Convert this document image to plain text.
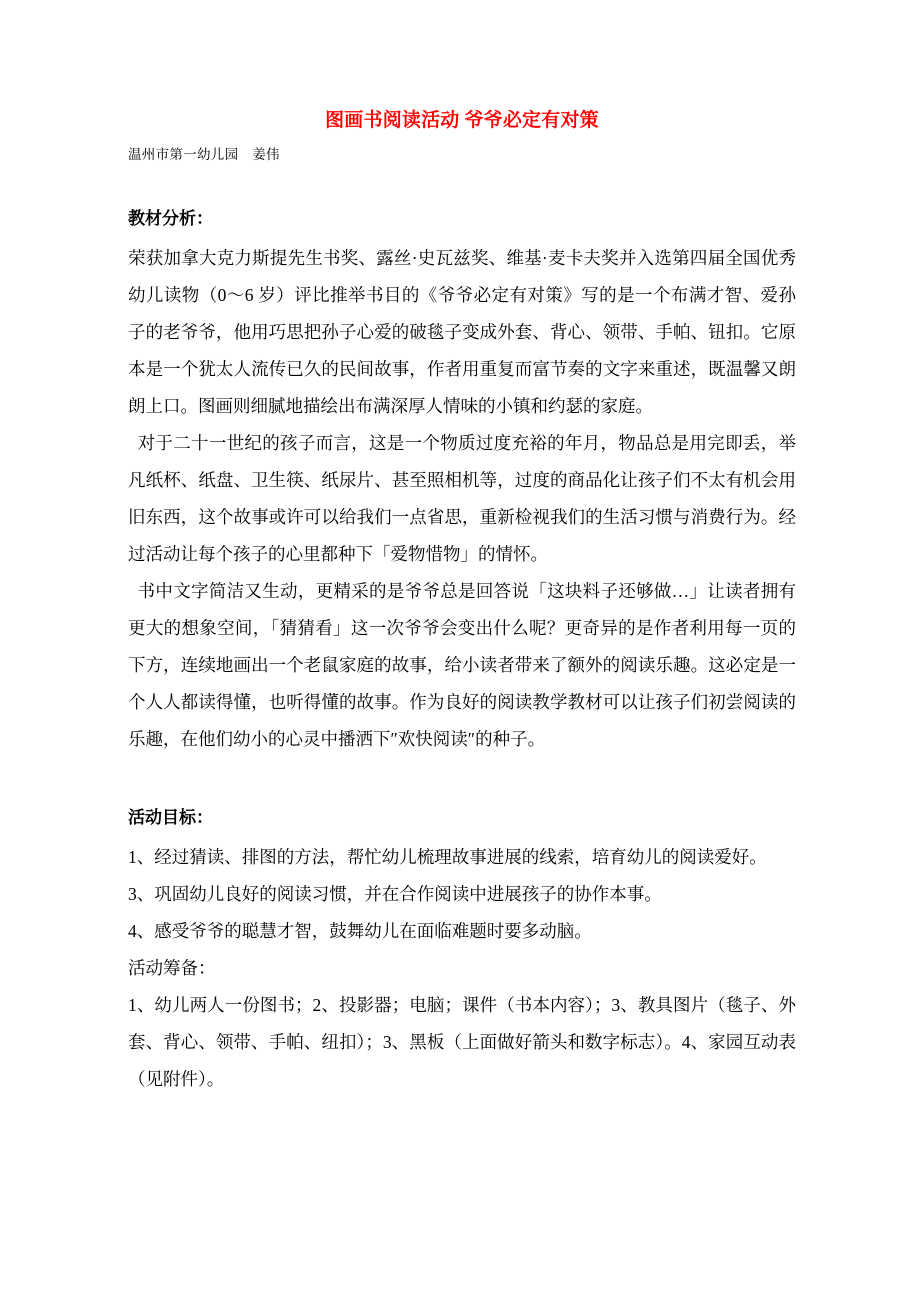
图画书阅读活动 爷爷必定有对策

温州市第一幼儿园　姜伟

教材分析：

荣获加拿大克力斯提先生书奖、露丝·史瓦兹奖、维基·麦卡夫奖并入选第四届全国优秀幼儿读物（0～6 岁）评比推举书目的《爷爷必定有对策》写的是一个布满才智、爱孙子的老爷爷，他用巧思把孙子心爱的破毯子变成外套、背心、领带、手帕、钮扣。它原本是一个犹太人流传已久的民间故事，作者用重复而富节奏的文字来重述，既温馨又朗朗上口。图画则细腻地描绘出布满深厚人情味的小镇和约瑟的家庭。

对于二十一世纪的孩子而言，这是一个物质过度充裕的年月，物品总是用完即丢，举凡纸杯、纸盘、卫生筷、纸尿片、甚至照相机等，过度的商品化让孩子们不太有机会用旧东西，这个故事或许可以给我们一点省思，重新检视我们的生活习惯与消费行为。经过活动让每个孩子的心里都种下「爱物惜物」的情怀。

书中文字简洁又生动，更精采的是爷爷总是回答说「这块料子还够做…」让读者拥有更大的想象空间，「猜猜看」这一次爷爷会变出什么呢？更奇异的是作者利用每一页的下方，连续地画出一个老鼠家庭的故事，给小读者带来了额外的阅读乐趣。这必定是一个人人都读得懂，也听得懂的故事。作为良好的阅读教学教材可以让孩子们初尝阅读的乐趣，在他们幼小的心灵中播洒下″欢快阅读″的种子。

活动目标：

1、经过猜读、排图的方法，帮忙幼儿梳理故事进展的线索，培育幼儿的阅读爱好。

3、巩固幼儿良好的阅读习惯，并在合作阅读中进展孩子的协作本事。

4、感受爷爷的聪慧才智，鼓舞幼儿在面临难题时要多动脑。

活动筹备：

1、幼儿两人一份图书；2、投影器；电脑；课件（书本内容）；3、教具图片（毯子、外套、背心、领带、手帕、纽扣）；3、黑板（上面做好箭头和数字标志）。4、家园互动表（见附件）。
